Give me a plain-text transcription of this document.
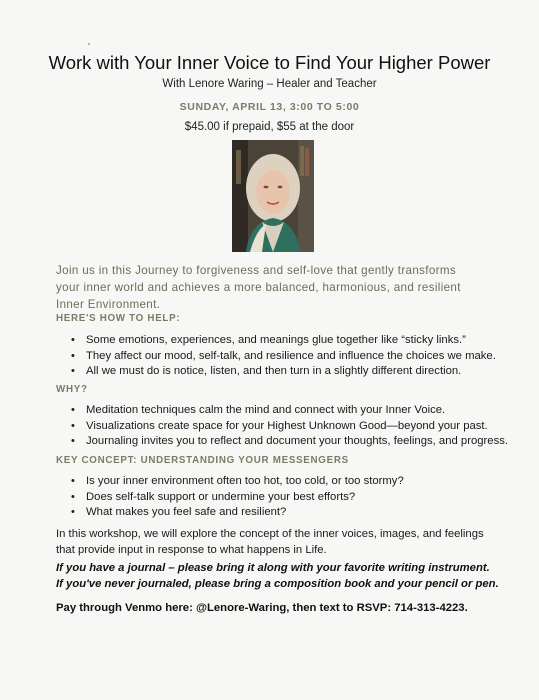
Work with Your Inner Voice to Find Your Higher Power
With Lenore Waring – Healer and Teacher
SUNDAY, APRIL 13, 3:00 TO 5:00
$45.00 if prepaid, $55 at the door
Join us in this Journey to forgiveness and self-love that gently transforms your inner world and achieves a more balanced, harmonious, and resilient Inner Environment.
HERE'S HOW TO HELP:
• Some emotions, experiences, and meanings glue together like “sticky links.”
• They affect our mood, self-talk, and resilience and influence the choices we make.
• All we must do is notice, listen, and then turn in a slightly different direction.
WHY?
• Meditation techniques calm the mind and connect with your Inner Voice.
• Visualizations create space for your Highest Unknown Good—beyond your past.
• Journaling invites you to reflect and document your thoughts, feelings, and progress.
KEY CONCEPT: UNDERSTANDING YOUR MESSENGERS
• Is your inner environment often too hot, too cold, or too stormy?
• Does self-talk support or undermine your best efforts?
• What makes you feel safe and resilient?
In this workshop, we will explore the concept of the inner voices, images, and feelings that provide input in response to what happens in Life.
If you have a journal – please bring it along with your favorite writing instrument.
If you've never journaled, please bring a composition book and your pencil or pen.
Pay through Venmo here: @Lenore-Waring, then text to RSVP: 714-313-4223.
